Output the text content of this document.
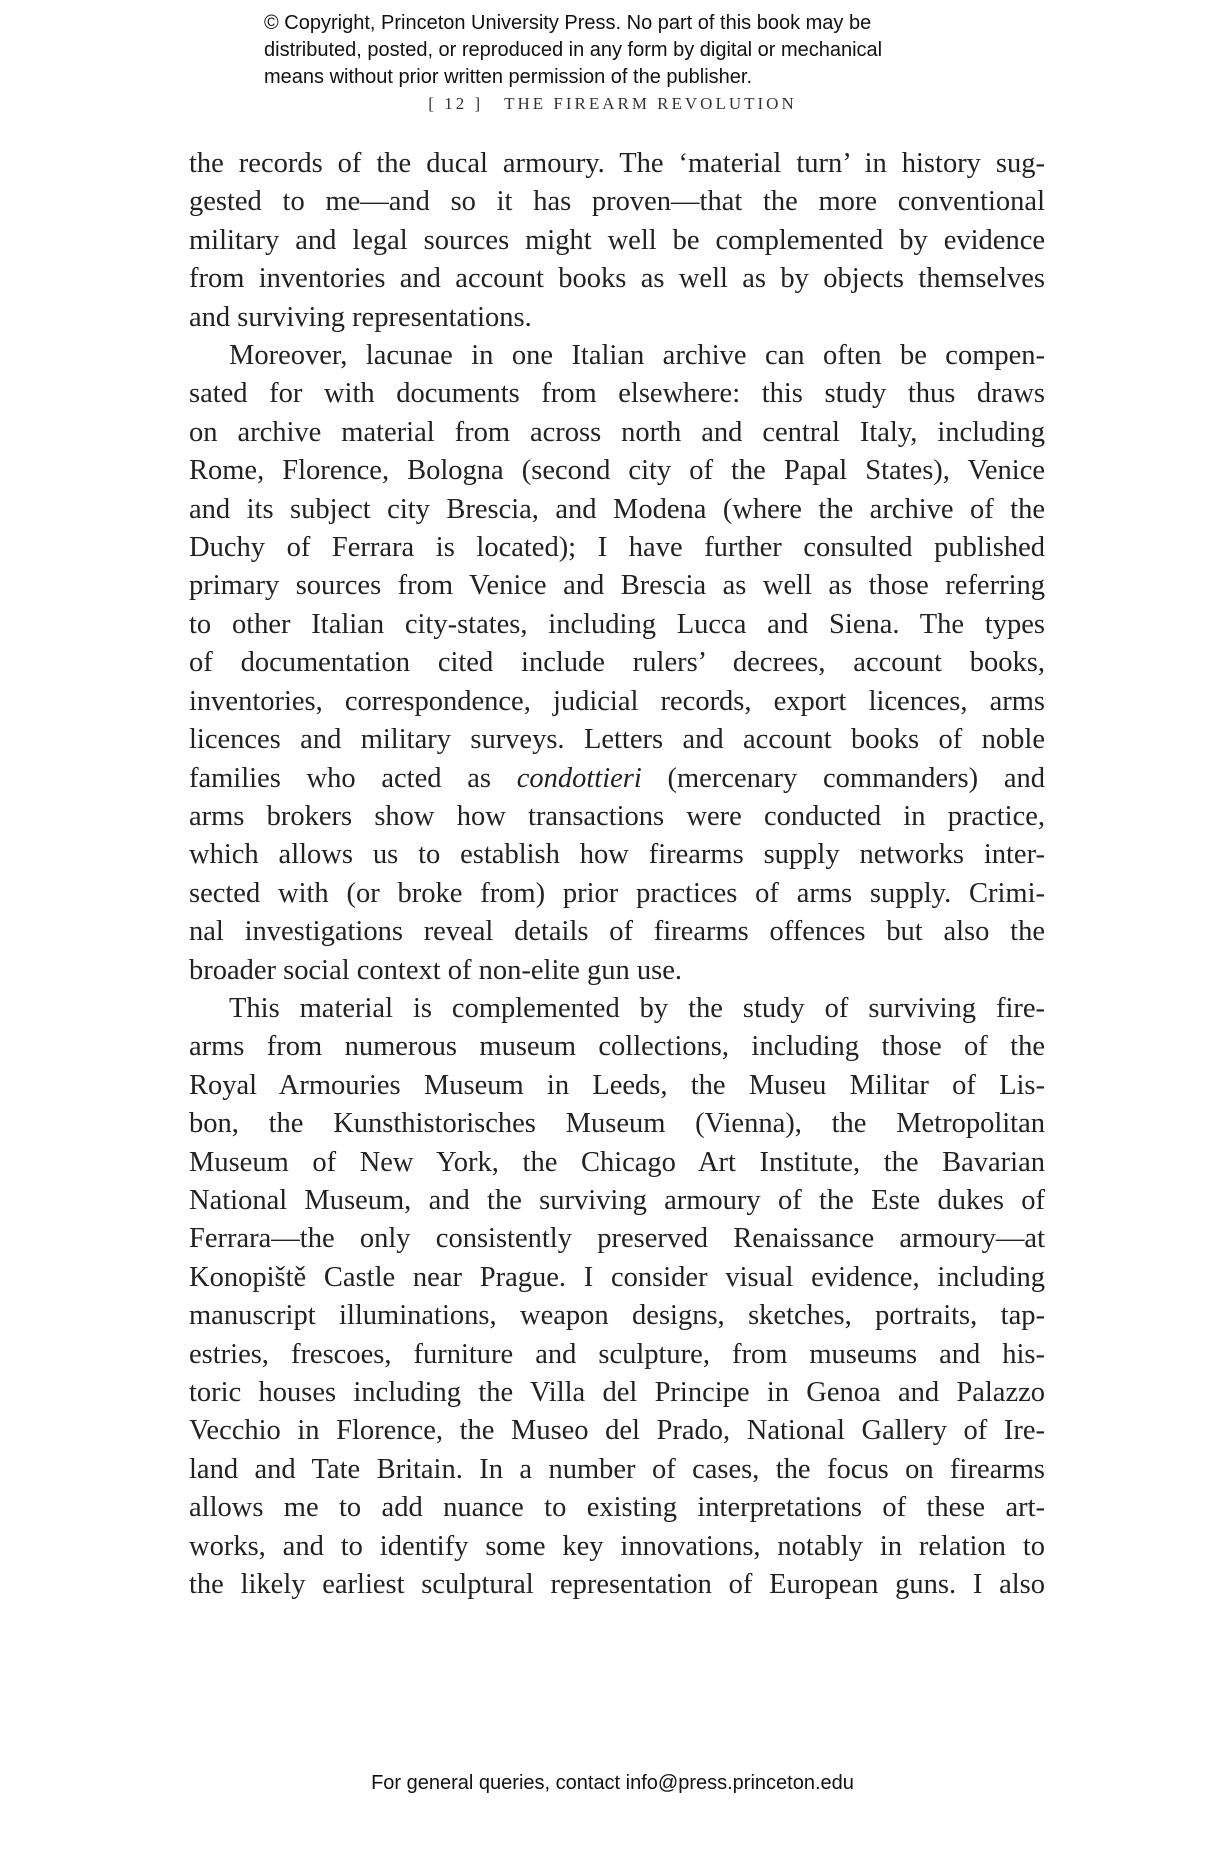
© Copyright, Princeton University Press. No part of this book may be
distributed, posted, or reproduced in any form by digital or mechanical
means without prior written permission of the publisher.
[ 12 ] THE FIREARM REVOLUTION
the records of the ducal armoury. The ‘material turn’ in history sug-
gested to me—and so it has proven—that the more conventional
military and legal sources might well be complemented by evidence
from inventories and account books as well as by objects themselves
and surviving representations.
Moreover, lacunae in one Italian archive can often be compen-
sated for with documents from elsewhere: this study thus draws
on archive material from across north and central Italy, including
Rome, Florence, Bologna (second city of the Papal States), Venice
and its subject city Brescia, and Modena (where the archive of the
Duchy of Ferrara is located); I have further consulted published
primary sources from Venice and Brescia as well as those referring
to other Italian city-states, including Lucca and Siena. The types
of documentation cited include rulers’ decrees, account books,
inventories, correspondence, judicial records, export licences, arms
licences and military surveys. Letters and account books of noble
families who acted as condottieri (mercenary commanders) and
arms brokers show how transactions were conducted in practice,
which allows us to establish how firearms supply networks inter-
sected with (or broke from) prior practices of arms supply. Crimi-
nal investigations reveal details of firearms offences but also the
broader social context of non-elite gun use.
This material is complemented by the study of surviving fire-
arms from numerous museum collections, including those of the
Royal Armouries Museum in Leeds, the Museu Militar of Lis-
bon, the Kunsthistorisches Museum (Vienna), the Metropolitan
Museum of New York, the Chicago Art Institute, the Bavarian
National Museum, and the surviving armoury of the Este dukes of
Ferrara—the only consistently preserved Renaissance armoury—at
Konopiště Castle near Prague. I consider visual evidence, including
manuscript illuminations, weapon designs, sketches, portraits, tap-
estries, frescoes, furniture and sculpture, from museums and his-
toric houses including the Villa del Principe in Genoa and Palazzo
Vecchio in Florence, the Museo del Prado, National Gallery of Ire-
land and Tate Britain. In a number of cases, the focus on firearms
allows me to add nuance to existing interpretations of these art-
works, and to identify some key innovations, notably in relation to
the likely earliest sculptural representation of European guns. I also
For general queries, contact info@press.princeton.edu
